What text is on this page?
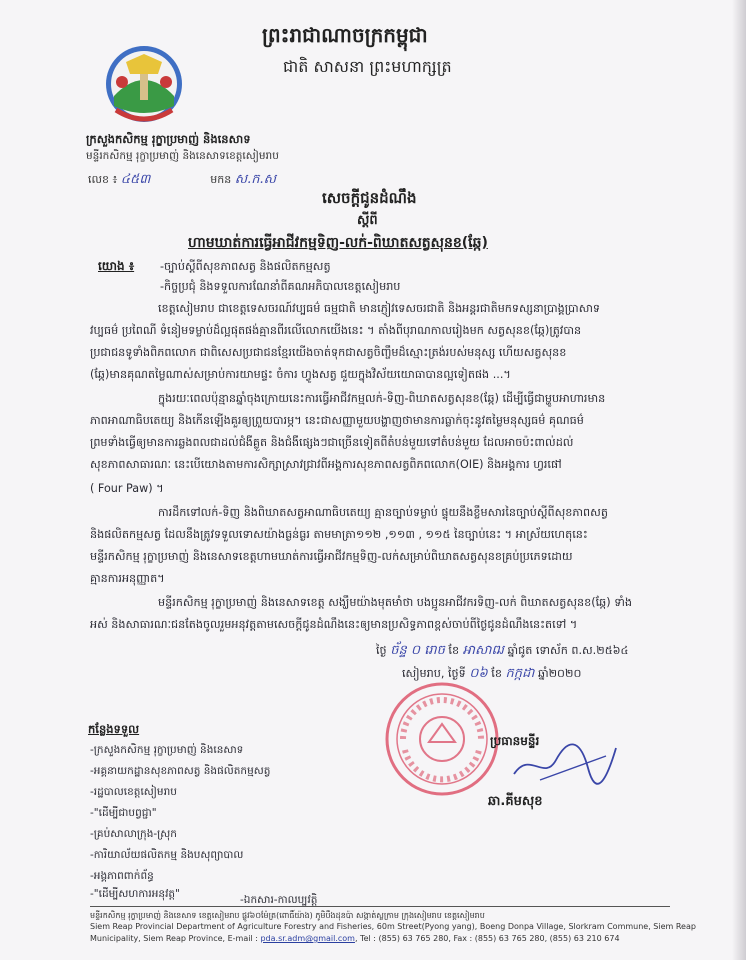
ព្រះរាជាណាចក្រកម្ពុជា
ជាតិ សាសនា ព្រះមហាក្សត្រ
ក្រសួងកសិកម្ម រុក្ខាប្រមាញ់ និងនេសាទ
មន្ទីរកសិកម្ម រុក្ខាប្រមាញ់ និងនេសាទខេត្តសៀមរាប
លេខ ៖ ៤៥៣	មកន ស.ក.ស
សេចក្ដីជូនដំណឹង
ស្ដីពី
ហាមឃាត់ការធ្វើអាជីវកម្មទិញ-លក់-ពិឃាតសត្វសុនខ(ឆ្កែ)
យោង ៖ -ច្បាប់ស្ដីពីសុខភាពសត្វ និងផលិតកម្មសត្វ
-កិច្ចប្រជុំ និងទទួលការណែនាំពីគណអភិបាលខេត្តសៀមរាប
ខេត្តសៀមរាប ជាខេត្តទេសចរណ៍វប្បធម៌ ធម្មជាតិ មានភ្ញៀវទេសចរជាតិ និងអន្តរជាតិមកទស្សនាប្រាង្គប្រាសាទ
វប្បធម៌ ប្រពៃណី ទំនៀមទម្លាប់ដ៏ល្អផុតផង់គ្មានពីរលើលោកយើងនេះ ។ តាំងពីបុរាណកាលរៀងមក សត្វសុនខ(ឆ្កែ)ត្រូវបាន
ប្រជាជនទូទាំងពិភពលោក ជាពិសេសប្រជាជនខ្មែរយើងចាត់ទុកជាសត្វចិញ្ចឹមដ៏ស្មោះត្រង់របស់មនុស្ស ហើយសត្វសុនខ
(ឆ្កែ)មានគុណតម្លៃណាស់សម្រាប់ការយាមផ្ទះ ចំការ ហ្វូងសត្វ ជួយក្នុងវិស័យយោធាបានល្អទៀតផង ...។
ក្នុងរយៈពេលប៉ុន្មានឆ្នាំចុងក្រោយនេះការធ្វើអាជីវកម្មលក់-ទិញ-ពិឃាតសត្វសុនខ(ឆ្កែ) ដើម្បីធ្វើជាម្ហូបអាហារមាន
ភាពអាណាធិបតេយ្យ និងកើនឡើងគួរឲ្យព្រួយបារម្ភ។ នេះជាសញ្ញាមួយបង្ហាញថាមានការធ្លាក់ចុះនូវតម្លៃមនុស្សធម៌ គុណធម៌
ព្រមទាំងធ្វើឲ្យមានការឆ្លងពលជាដល់ជំងឺគ្លួត និងជំងឺផ្សេងៗជាច្រើនទៀតពីតំបន់មួយទៅតំបន់មួយ ដែលអាចប៉ះពាល់ដល់
សុខភាពសាធារណៈ នេះបើយោងតាមការសិក្សាស្រាវជ្រាវពីអង្គការសុខភាពសត្វពិភពលោក(OIE) និងអង្គការ ហ្វរផៅ
( Four Paw) ។
ការដឹកទៅលក់-ទិញ និងពិឃាតសត្វអាណាធិបតេយ្យ គ្មានច្បាប់ទម្លាប់ ផ្ទុយនឹងខ្លឹមសារនៃច្បាប់ស្ដីពីសុខភាពសត្វ
និងផលិតកម្មសត្វ ដែលនឹងត្រូវទទួលទោសយ៉ាងធ្ងន់ធ្ងរ តាមមាត្រា១១២ ,១១៣ , ១១៥ នៃច្បាប់នេះ ។ អាស្រ័យហេតុនេះ
មន្ទីរកសិកម្ម រុក្ខាប្រមាញ់ និងនេសាទខេត្តហាមឃាត់ការធ្វើអាជីវកម្មទិញ-លក់សម្រាប់ពិឃាតសត្វសុនខគ្រប់ប្រភេទដោយ
គ្មានការអនុញ្ញាត។
មន្ទីរកសិកម្ម រុក្ខាប្រមាញ់ និងនេសាទខេត្ត សង្ឃឹមយ៉ាងមុតមាំថា បងប្អូនអាជីវករទិញ-លក់ ពិឃាតសត្វសុនខ(ឆ្កែ) ទាំង
អស់ និងសាធារណៈជនតែងចូលរួមអនុវត្តតាមសេចក្ដីជូនដំណឹងនេះឲ្យមានប្រសិទ្ធភាពខ្ពស់ចាប់ពីថ្ងៃជូនដំណឹងនេះតទៅ ។
ថ្ងៃ ច័ន្ទ ០ រោច ខែ អាសាឍ ឆ្នាំជូត ទោស័ក ព.ស.២៥៦៤
សៀមរាប, ថ្ងៃទី ០៦ ខែ កក្កដា ឆ្នាំ២០២០
ប្រធានមន្ទីរ
ឆា.គីមសុខ
កន្លែងទទួល
-ក្រសួងកសិកម្ម រុក្ខាប្រមាញ់ និងនេសាទ
-អគ្គនាយកដ្ឋានសុខភាពសត្វ និងផលិតកម្មសត្វ
-រដ្ឋបាលខេត្តសៀមរាប
-"ដើម្បីជាបព្វជ្ជា"
-គ្រប់សាលាក្រុង-ស្រុក
-ការិយាល័យផលិតកម្ម និងបសុព្យាបាល
-អង្គភាពពាក់ព័ន្ធ
-"ដើម្បីសហការអនុវត្ត"	-ឯកសារ-កាលប្បវត្តិ
មន្ទីរកសិកម្ម រុក្ខាប្រមាញ់ និងនេសាទ ខេត្តសៀមរាប ផ្លូវ៦០ម៉ែត្រ(ពោធិ៍យ៉ាង) ភូមិបឹងដុនប៉ា សង្កាត់ស្លក្រាម ក្រុងសៀមរាប ខេត្តសៀមរាប
Siem Reap Provincial Department of Agriculture Forestry and Fisheries, 60m Street(Pyong yang), Boeng Donpa Village, Slorkram Commune, Siem Reap
Municipality, Siem Reap Province, E-mail : pda.sr.adm@gmail.com, Tel : (855) 63 765 280, Fax : (855) 63 765 280, (855) 63 210 674
